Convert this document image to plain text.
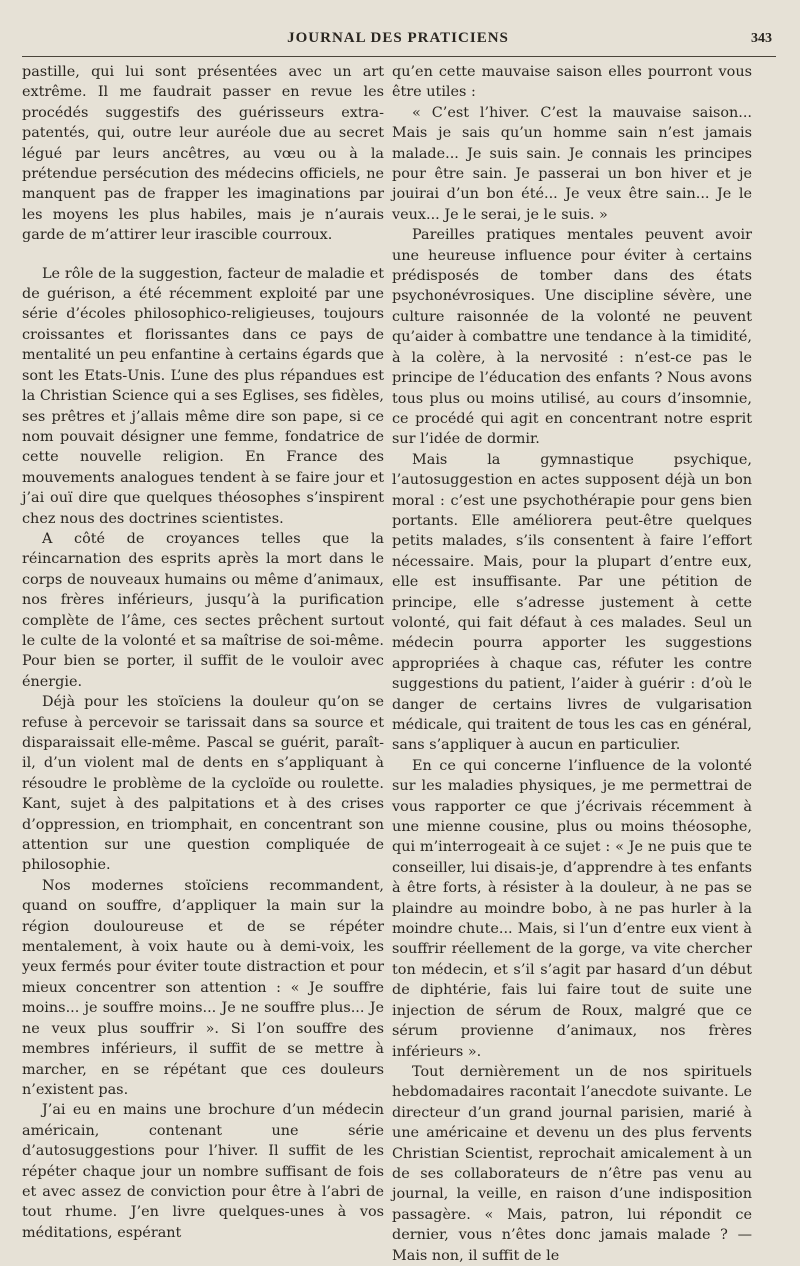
JOURNAL DES PRATICIENS	343

pastille, qui lui sont présentées avec un art extrême. Il me faudrait passer en revue les procédés suggestifs des guérisseurs extra-patentés, qui, outre leur auréole due au secret légué par leurs ancêtres, au vœu ou à la prétendue persécution des médecins officiels, ne manquent pas de frapper les imaginations par les moyens les plus habiles, mais je n’aurais garde de m’attirer leur irascible courroux.

Le rôle de la suggestion, facteur de maladie et de guérison, a été récemment exploité par une série d’écoles philosophico-religieuses, toujours croissantes et florissantes dans ce pays de mentalité un peu enfantine à certains égards que sont les Etats-Unis. L’une des plus répandues est la Christian Science qui a ses Eglises, ses fidèles, ses prêtres et j’allais même dire son pape, si ce nom pouvait désigner une femme, fondatrice de cette nouvelle religion. En France des mouvements analogues tendent à se faire jour et j’ai ouï dire que quelques théosophes s’inspirent chez nous des doctrines scientistes.

A côté de croyances telles que la réincarnation des esprits après la mort dans le corps de nouveaux humains ou même d’animaux, nos frères inférieurs, jusqu’à la purification complète de l’âme, ces sectes prêchent surtout le culte de la volonté et sa maîtrise de soi-même. Pour bien se porter, il suffit de le vouloir avec énergie.

Déjà pour les stoïciens la douleur qu’on se refuse à percevoir se tarissait dans sa source et disparaissait elle-même. Pascal se guérit, paraît-il, d’un violent mal de dents en s’appliquant à résoudre le problème de la cycloïde ou roulette. Kant, sujet à des palpitations et à des crises d’oppression, en triomphait, en concentrant son attention sur une question compliquée de philosophie.

Nos modernes stoïciens recommandent, quand on souffre, d’appliquer la main sur la région douloureuse et de se répéter mentalement, à voix haute ou à demi-voix, les yeux fermés pour éviter toute distraction et pour mieux concentrer son attention : « Je souffre moins... je souffre moins... Je ne souffre plus... Je ne veux plus souffrir ». Si l’on souffre des membres inférieurs, il suffit de se mettre à marcher, en se répétant que ces douleurs n’existent pas.

J’ai eu en mains une brochure d’un médecin américain, contenant une série d’autosuggestions pour l’hiver. Il suffit de les répéter chaque jour un nombre suffisant de fois et avec assez de conviction pour être à l’abri de tout rhume. J’en livre quelques-unes à vos méditations, espérant

qu’en cette mauvaise saison elles pourront vous être utiles :

« C’est l’hiver. C’est la mauvaise saison... Mais je sais qu’un homme sain n’est jamais malade... Je suis sain. Je connais les principes pour être sain. Je passerai un bon hiver et je jouirai d’un bon été... Je veux être sain... Je le veux... Je le serai, je le suis. »

Pareilles pratiques mentales peuvent avoir une heureuse influence pour éviter à certains prédisposés de tomber dans des états psychonévrosiques. Une discipline sévère, une culture raisonnée de la volonté ne peuvent qu’aider à combattre une tendance à la timidité, à la colère, à la nervosité : n’est-ce pas le principe de l’éducation des enfants ? Nous avons tous plus ou moins utilisé, au cours d’insomnie, ce procédé qui agit en concentrant notre esprit sur l’idée de dormir.

Mais la gymnastique psychique, l’autosuggestion en actes supposent déjà un bon moral : c’est une psychothérapie pour gens bien portants. Elle améliorera peut-être quelques petits malades, s’ils consentent à faire l’effort nécessaire. Mais, pour la plupart d’entre eux, elle est insuffisante. Par une pétition de principe, elle s’adresse justement à cette volonté, qui fait défaut à ces malades. Seul un médecin pourra apporter les suggestions appropriées à chaque cas, réfuter les contre suggestions du patient, l’aider à guérir : d’où le danger de certains livres de vulgarisation médicale, qui traitent de tous les cas en général, sans s’appliquer à aucun en particulier.

En ce qui concerne l’influence de la volonté sur les maladies physiques, je me permettrai de vous rapporter ce que j’écrivais récemment à une mienne cousine, plus ou moins théosophe, qui m’interrogeait à ce sujet : « Je ne puis que te conseiller, lui disais-je, d’apprendre à tes enfants à être forts, à résister à la douleur, à ne pas se plaindre au moindre bobo, à ne pas hurler à la moindre chute... Mais, si l’un d’entre eux vient à souffrir réellement de la gorge, va vite chercher ton médecin, et s’il s’agit par hasard d’un début de diphtérie, fais lui faire tout de suite une injection de sérum de Roux, malgré que ce sérum provienne d’animaux, nos frères inférieurs ».

Tout dernièrement un de nos spirituels hebdomadaires racontait l’anecdote suivante. Le directeur d’un grand journal parisien, marié à une américaine et devenu un des plus fervents Christian Scientist, reprochait amicalement à un de ses collaborateurs de n’être pas venu au journal, la veille, en raison d’une indisposition passagère. « Mais, patron, lui répondit ce dernier, vous n’êtes donc jamais malade ? — Mais non, il suffit de le
